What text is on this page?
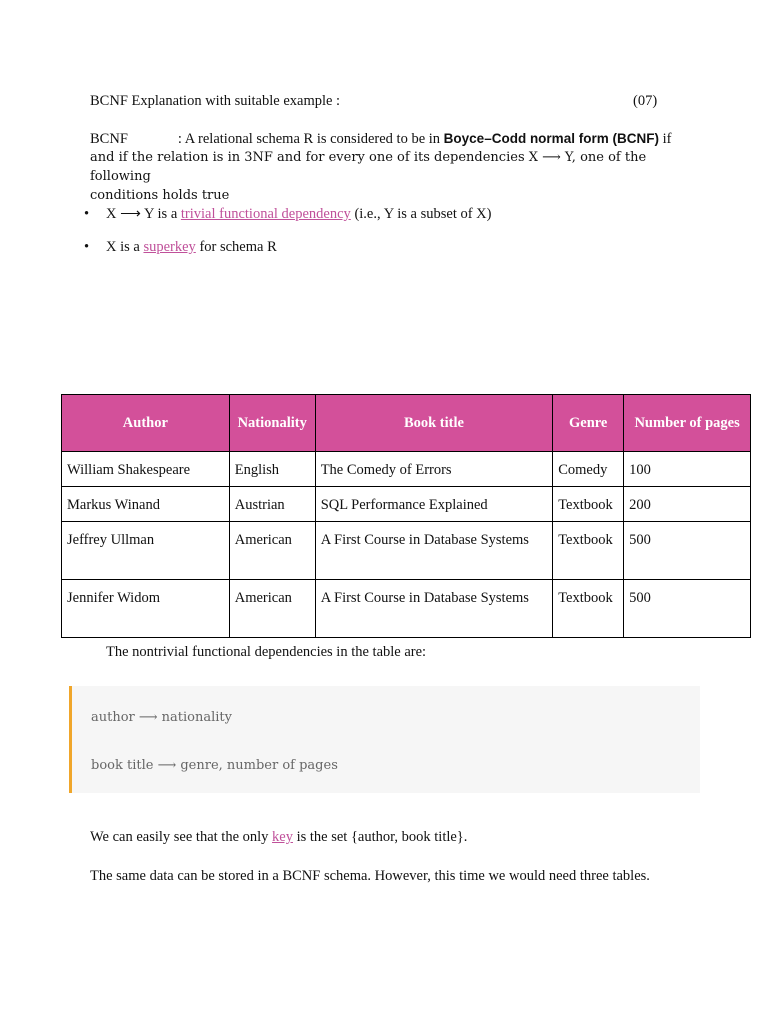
BCNF Explanation with suitable example :	(07)
BCNF	: A relational schema R is considered to be in Boyce–Codd normal form (BCNF) if
and if the relation is in 3NF and for every one of its dependencies X ⟶ Y, one of the following
conditions holds true
• X ⟶ Y is a trivial functional dependency (i.e., Y is a subset of X)
• X is a superkey for schema R
Author	Nationality	Book title	Genre	Number of pages
William Shakespeare	English	The Comedy of Errors	Comedy	100
Markus Winand	Austrian	SQL Performance Explained	Textbook	200
Jeffrey Ullman	American	A First Course in Database Systems	Textbook	500
Jennifer Widom	American	A First Course in Database Systems	Textbook	500
The nontrivial functional dependencies in the table are:
author ⟶ nationality
book title ⟶ genre, number of pages
We can easily see that the only key is the set {author, book title}.
The same data can be stored in a BCNF schema. However, this time we would need three tables.
